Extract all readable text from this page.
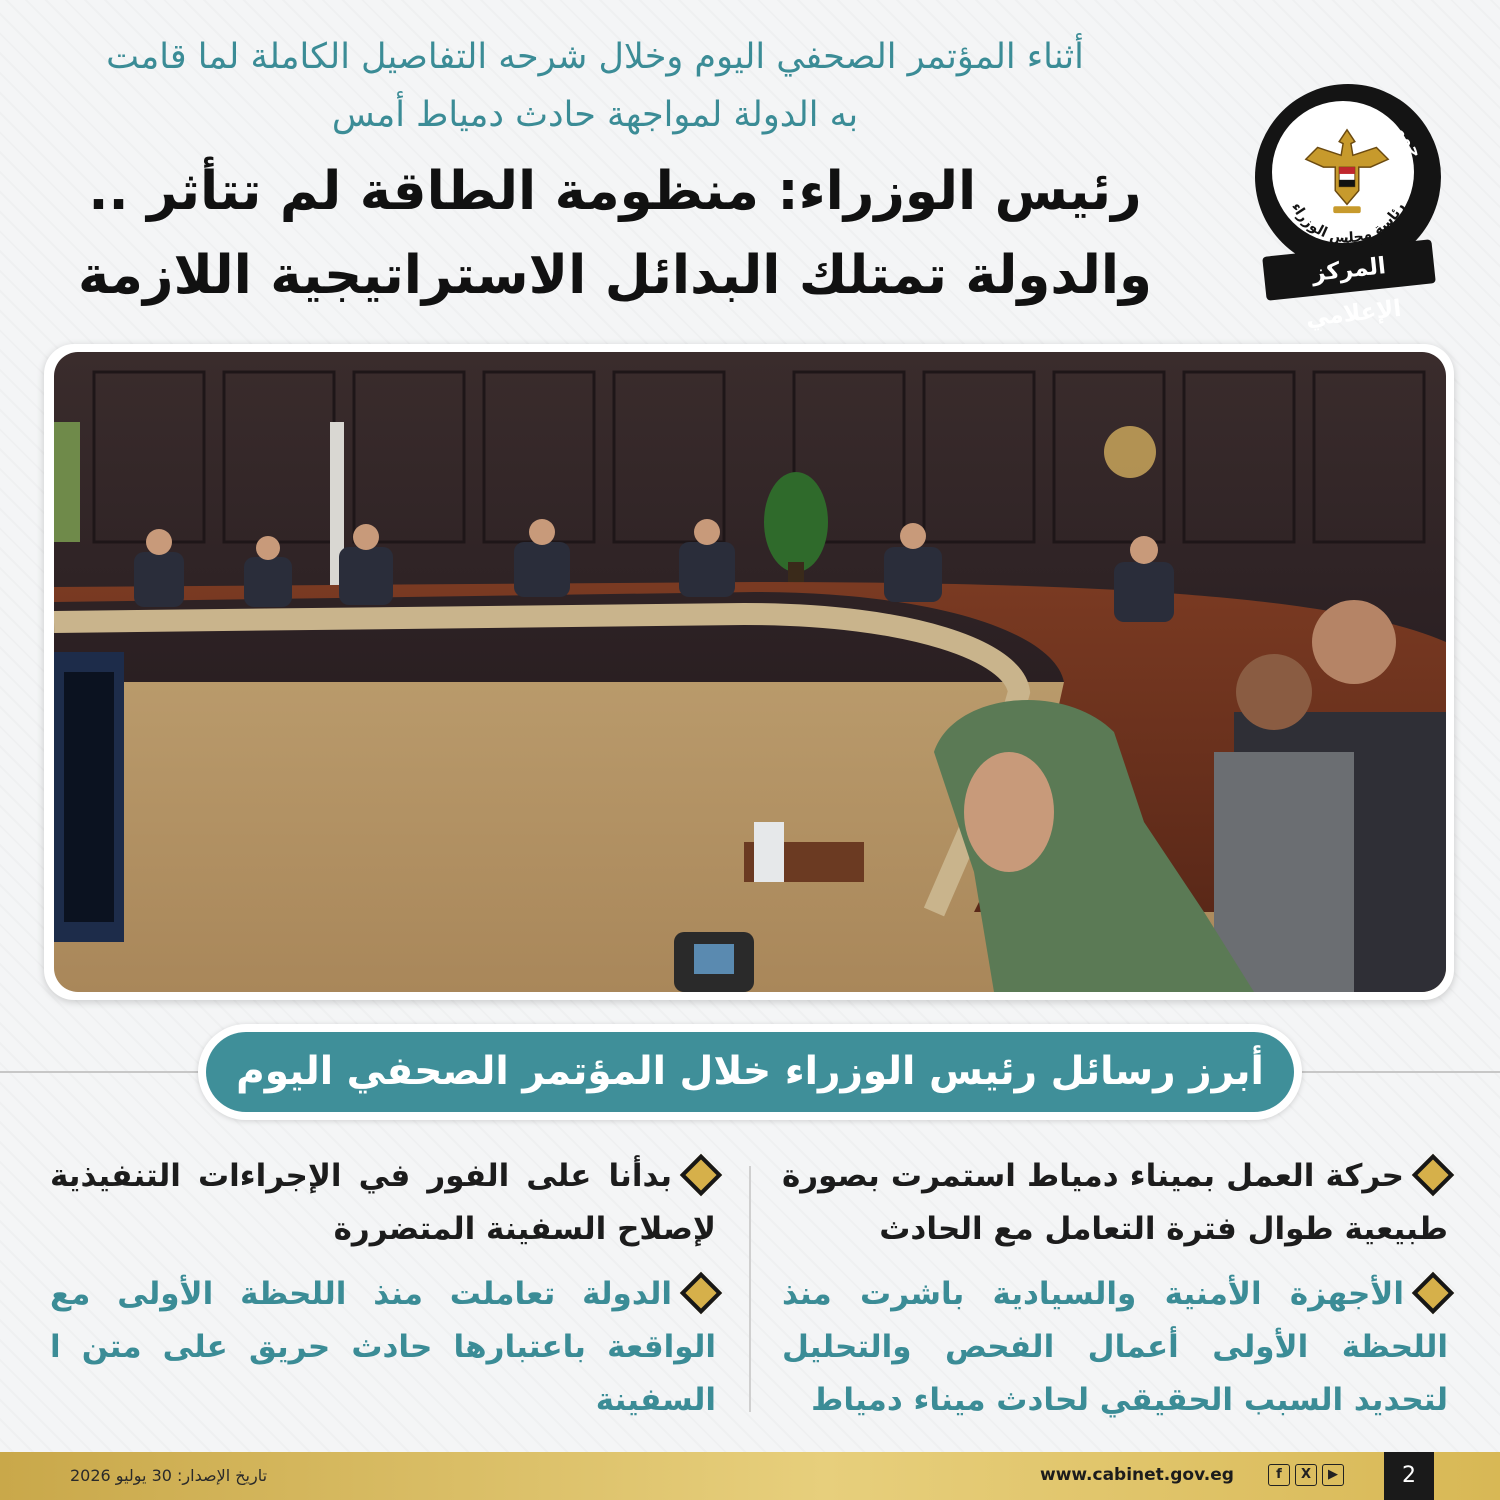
جمهورية مصر العربية
رئاسة مجلس الوزراء
المركز الإعلامي
أثناء المؤتمر الصحفي اليوم وخلال شرحه التفاصيل الكاملة لما قامت به الدولة لمواجهة حادث دمياط أمس
رئيس الوزراء: منظومة الطاقة لم تتأثر ..
والدولة تمتلك البدائل الاستراتيجية اللازمة
أبرز رسائل رئيس الوزراء خلال المؤتمر الصحفي اليوم
حركة العمل بميناء دمياط استمرت بصورة طبيعية طوال فترة التعامل مع الحادث
بدأنا على الفور في الإجراءات التنفيذية لإصلاح السفينة المتضررة
الأجهزة الأمنية والسيادية باشرت منذ اللحظة الأولى أعمال الفحص والتحليل لتحديد السبب الحقيقي لحادث ميناء دمياط
الدولة تعاملت منذ اللحظة الأولى مع الواقعة باعتبارها حادث حريق على متن ا السفينة
تاريخ الإصدار: 30 يوليو 2026	www.cabinet.gov.eg	f	X	▶	2
